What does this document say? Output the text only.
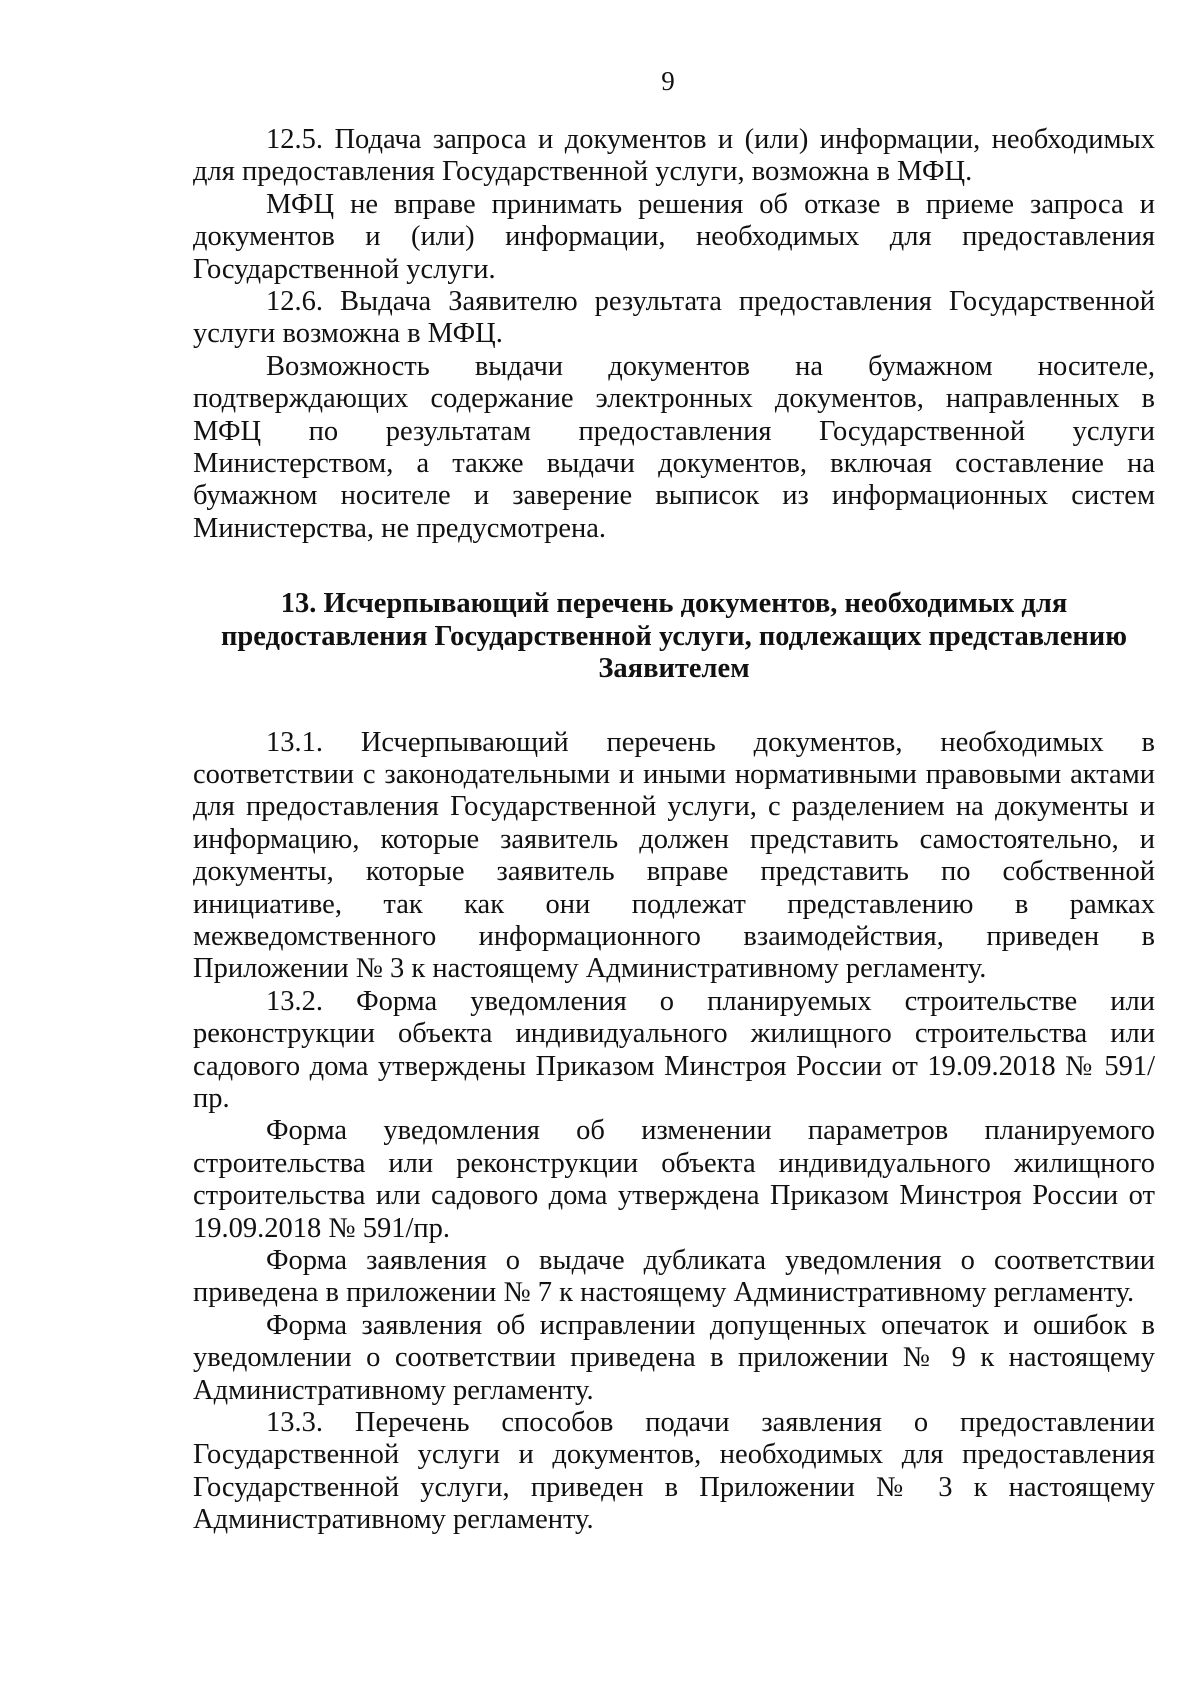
9

12.5. Подача запроса и документов и (или) информации, необходимых для предоставления Государственной услуги, возможна в МФЦ.

МФЦ не вправе принимать решения об отказе в приеме запроса и документов и (или) информации, необходимых для предоставления Государственной услуги.

12.6. Выдача Заявителю результата предоставления Государственной услуги возможна в МФЦ.

Возможность выдачи документов на бумажном носителе, подтверждающих содержание электронных документов, направленных в МФЦ по результатам предоставления Государственной услуги Министерством, а также выдачи документов, включая составление на бумажном носителе и заверение выписок из информационных систем Министерства, не предусмотрена.

13. Исчерпывающий перечень документов, необходимых для
предоставления Государственной услуги, подлежащих представлению
Заявителем

13.1. Исчерпывающий перечень документов, необходимых в соответствии с законодательными и иными нормативными правовыми актами для предоставления Государственной услуги, с разделением на документы и информацию, которые заявитель должен представить самостоятельно, и документы, которые заявитель вправе представить по собственной инициативе, так как они подлежат представлению в рамках межведомственного информационного взаимодействия, приведен в Приложении № 3 к настоящему Административному регламенту.

13.2. Форма уведомления о планируемых строительстве или реконструкции объекта индивидуального жилищного строительства или садового дома утверждены Приказом Минстроя России от 19.09.2018 № 591/пр.

Форма уведомления об изменении параметров планируемого строительства или реконструкции объекта индивидуального жилищного строительства или садового дома утверждена Приказом Минстроя России от 19.09.2018 № 591/пр.

Форма заявления о выдаче дубликата уведомления о соответствии приведена в приложении № 7 к настоящему Административному регламенту.

Форма заявления об исправлении допущенных опечаток и ошибок в уведомлении о соответствии приведена в приложении № 9 к настоящему Административному регламенту.

13.3. Перечень способов подачи заявления о предоставлении Государственной услуги и документов, необходимых для предоставления Государственной услуги, приведен в Приложении № 3 к настоящему Административному регламенту.
